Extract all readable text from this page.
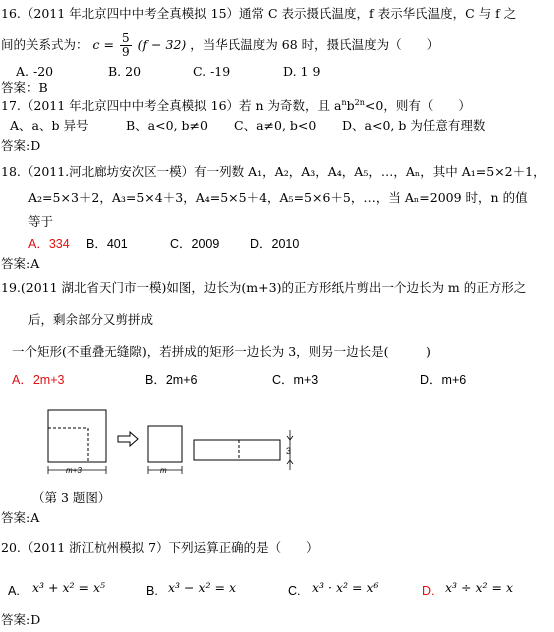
16.（2011 年北京四中中考全真模拟 15）通常 C 表示摄氏温度，f 表示华氏温度，C 与 f 之
间的关系式为： $c = \frac{5}{9} (f - 32)$ ，当华氏温度为 68 时，摄氏温度为（　　）
A. -20	B. 20	C. -19	D. 1 9
答案：B
17.（2011 年北京四中中考全真模拟 16）若 n 为奇数，且 $a^nb^{2n}<0$，则有（　　）
A、a、b 异号	B、a<0, b≠0 C、a≠0, b<0 D、a<0, b 为任意有理数
答案:D
18.（2011.河北廊坊安次区一模）有一列数 A₁，A₂，A₃，A₄，A₅，…，Aₙ，其中 A₁=5×2＋1，
A₂=5×3＋2，A₃=5×4＋3，A₄=5×5＋4，A₅=5×6＋5，…，当 Aₙ=2009 时，n 的值
等于
A．334 B．401	C．2009 D．2010
答案:A
19.(2011 湖北省天门市一模)如图，边长为(m+3)的正方形纸片剪出一个边长为 m 的正方形之
后，剩余部分又剪拼成
一个矩形(不重叠无缝隙)，若拼成的矩形一边长为 3，则另一边长是(　　　)
A．2m+3	B．2m+6	C．m+3	D．m+6
m+3	m
3
（第 3 题图）
答案:A
20.（2011 浙江杭州模拟 7）下列运算正确的是（　　）
A. x³ + x² = x⁵	B. x³ − x² = x	C. x³ · x² = x⁶	D. x³ ÷ x² = x
答案:D
